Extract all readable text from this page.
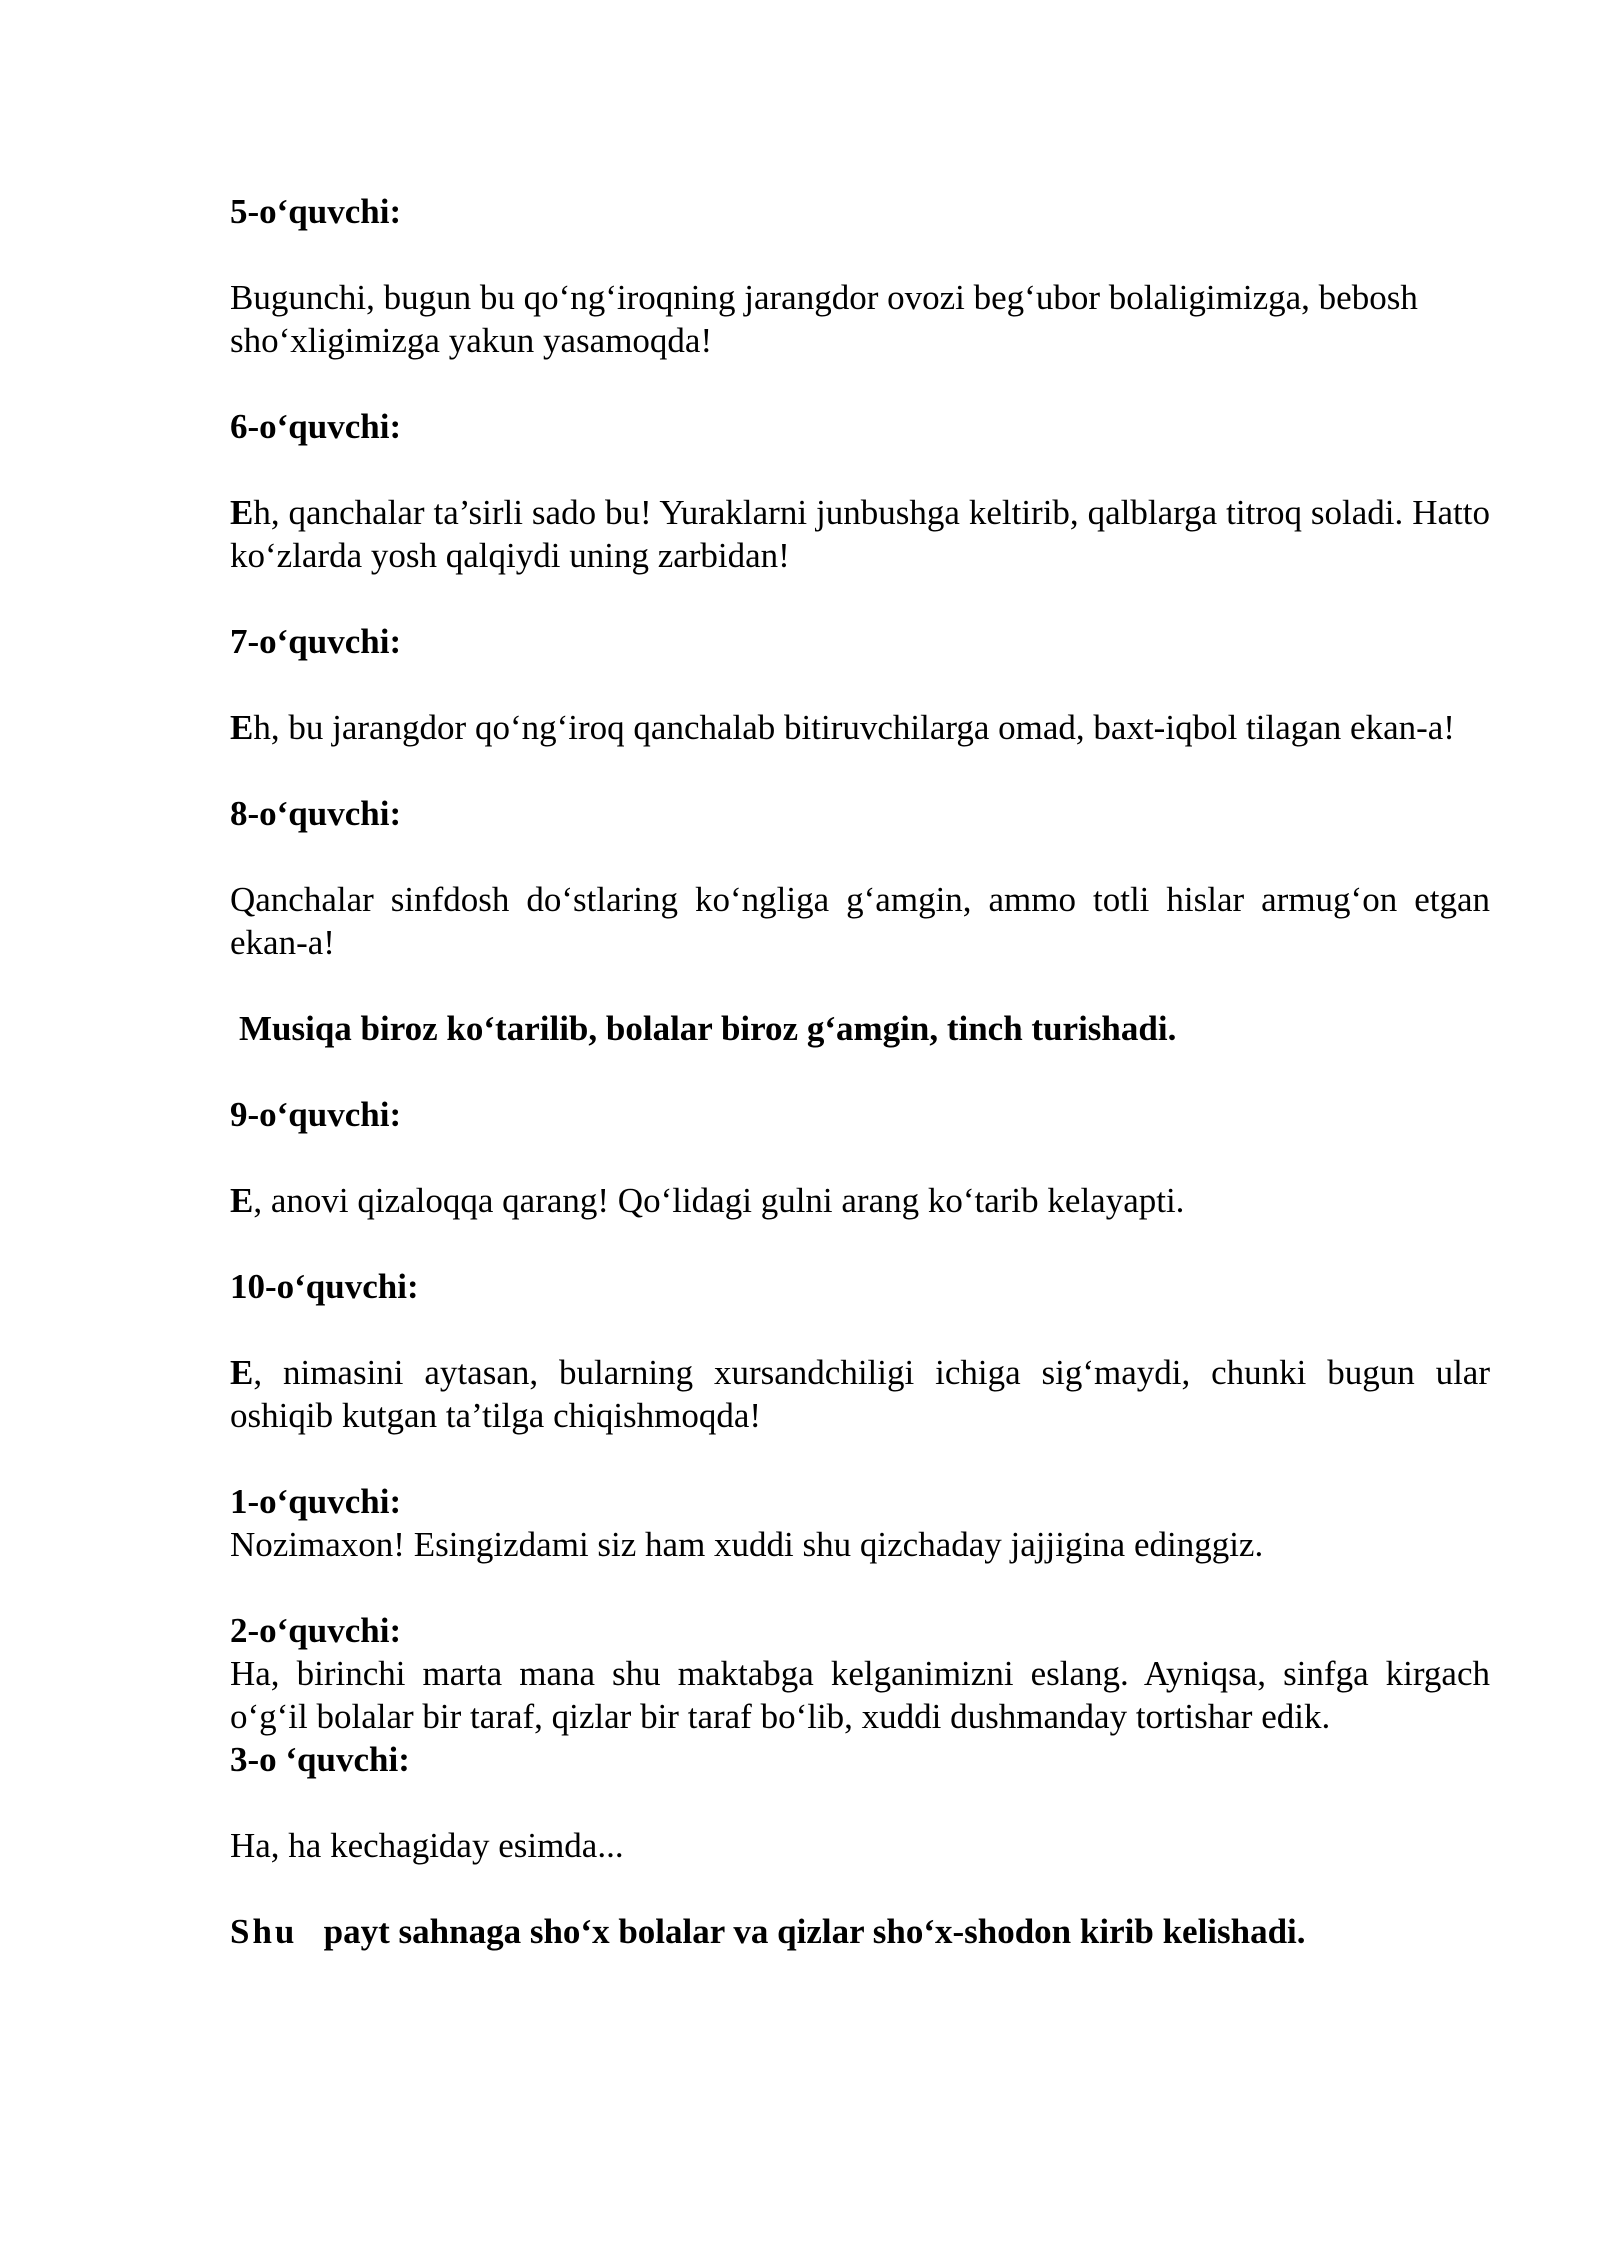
5-o‘quvchi:

Bugunchi, bugun bu qo‘ng‘iroqning jarangdor ovozi beg‘ubor bolaligimizga, bebosh sho‘xligimizga yakun yasamoqda!

6-o‘quvchi:

Eh, qanchalar ta’sirli sado bu! Yuraklarni junbushga keltirib, qalblarga titroq soladi. Hatto ko‘zlarda yosh qalqiydi uning zarbidan!

7-o‘quvchi:

Eh, bu jarangdor qo‘ng‘iroq qanchalab bitiruvchilarga omad, baxt-iqbol tilagan ekan-a!

8-o‘quvchi:

Qanchalar sinfdosh do‘stlaring ko‘ngliga g‘amgin, ammo totli hislar armug‘on etgan ekan-a!

Musiqa biroz ko‘tarilib, bolalar biroz g‘amgin, tinch turishadi.

9-o‘quvchi:

E, anovi qizaloqqa qarang! Qo‘lidagi gulni arang ko‘tarib kelayapti.

10-o‘quvchi:

E, nimasini aytasan, bularning xursandchiligi ichiga sig‘maydi, chunki bugun ular oshiqib kutgan ta’tilga chiqishmoqda!

1-o‘quvchi:

Nozimaxon! Esingizdami siz ham xuddi shu qizchaday jajjigina edinggiz.

2-o‘quvchi:

Ha, birinchi marta mana shu maktabga kelganimizni eslang. Ayniqsa, sinfga kirgach o‘g‘il bolalar bir taraf, qizlar bir taraf bo‘lib, xuddi dushmanday tortishar edik.

3-o ‘quvchi:

Ha, ha kechagiday esimda...

Shu payt sahnaga sho‘x bolalar va qizlar sho‘x-shodon kirib kelishadi.
